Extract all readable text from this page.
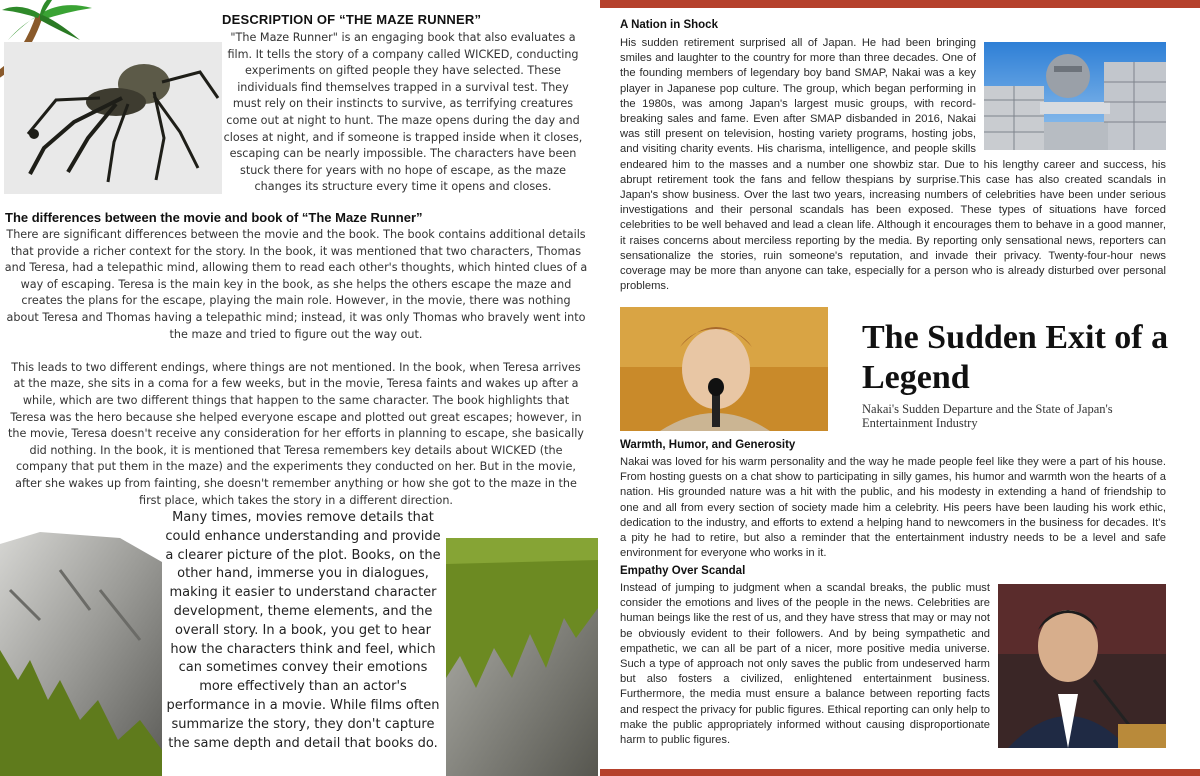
DESCRIPTION OF “THE MAZE RUNNER”
"The Maze Runner" is an engaging book that also evaluates a film. It tells the story of a company called WICKED, conducting experiments on gifted people they have selected. These individuals find themselves trapped in a survival test. They must rely on their instincts to survive, as terrifying creatures come out at night to hunt. The maze opens during the day and closes at night, and if someone is trapped inside when it closes, escaping can be nearly impossible. The characters have been stuck there for years with no hope of escape, as the maze changes its structure every time it opens and closes.
The differences between the movie and book of “The Maze Runner”

There are significant differences between the movie and the book. The book contains additional details that provide a richer context for the story. In the book, it was mentioned that two characters, Thomas and Teresa, had a telepathic mind, allowing them to read each other's thoughts, which hinted clues of a way of escaping. Teresa is the main key in the book, as she helps the others escape the maze and creates the plans for the escape, playing the main role. However, in the movie, there was nothing about Teresa and Thomas having a telepathic mind; instead, it was only Thomas who bravely went into the maze and tried to figure out the way out.

This leads to two different endings, where things are not mentioned. In the book, when Teresa arrives at the maze, she sits in a coma for a few weeks, but in the movie, Teresa faints and wakes up after a while, which are two different things that happen to the same character. The book highlights that Teresa was the hero because she helped everyone escape and plotted out great escapes; however, in the movie, Teresa doesn't receive any consideration for her efforts in planning to escape, she basically did nothing. In the book, it is mentioned that Teresa remembers key details about WICKED (the company that put them in the maze) and the experiments they conducted on her. But in the movie, after she wakes up from fainting, she doesn't remember anything or how she got to the maze in the first place, which takes the story in a different direction.

Many times, movies remove details that could enhance understanding and provide a clearer picture of the plot. Books, on the other hand, immerse you in dialogues, making it easier to understand character development, theme elements, and the overall story. In a book, you get to hear how the characters think and feel, which can sometimes convey their emotions more effectively than an actor's performance in a movie. While films often summarize the story, they don't capture the same depth and detail that books do.
A Nation in Shock
His sudden retirement surprised all of Japan. He had been bringing smiles and laughter to the country for more than three decades. One of the founding members of legendary boy band SMAP, Nakai was a key player in Japanese pop culture. The group, which began performing in the 1980s, was among Japan's largest music groups, with record-breaking sales and fame. Even after SMAP disbanded in 2016, Nakai was still present on television, hosting variety programs, hosting jobs, and visiting charity events. His charisma, intelligence, and people skills endeared him to the masses and a number one showbiz star. Due to his lengthy career and success, his abrupt retirement took the fans and fellow thespians by surprise.This case has also created scandals in Japan's show business. Over the last two years, increasing numbers of celebrities have been under serious investigations and their personal scandals has been exposed. These types of situations have forced celebrities to be well behaved and lead a clean life. Although it encourages them to behave in a good manner, it raises concerns about merciless reporting by the media. By reporting only sensational news, reporters can sensationalize the stories, ruin someone's reputation, and invade their privacy. Twenty-four-hour news coverage may be more than anyone can take, especially for a person who is already disturbed over personal problems.
The Sudden Exit of a Legend
Nakai's Sudden Departure and the State of Japan's Entertainment Industry
Warmth, Humor, and Generosity
Nakai was loved for his warm personality and the way he made people feel like they were a part of his house. From hosting guests on a chat show to participating in silly games, his humor and warmth won the hearts of a nation. His grounded nature was a hit with the public, and his modesty in extending a hand of friendship to one and all from every section of society made him a celebrity. His peers have been lauding his work ethic, dedication to the industry, and efforts to extend a helping hand to newcomers in the business for decades. It's a pity he had to retire, but also a reminder that the entertainment industry needs to be a level and safe environment for everyone who works in it.
Empathy Over Scandal
Instead of jumping to judgment when a scandal breaks, the public must consider the emotions and lives of the people in the news. Celebrities are human beings like the rest of us, and they have stress that may or may not be obviously evident to their followers. And by being sympathetic and empathetic, we can all be part of a nicer, more positive media universe. Such a type of approach not only saves the public from undeserved harm but also fosters a civilized, enlightened entertainment business. Furthermore, the media must ensure a balance between reporting facts and respect the privacy for public figures. Ethical reporting can only help to make the public appropriately informed without causing disproportionate harm to public figures.
